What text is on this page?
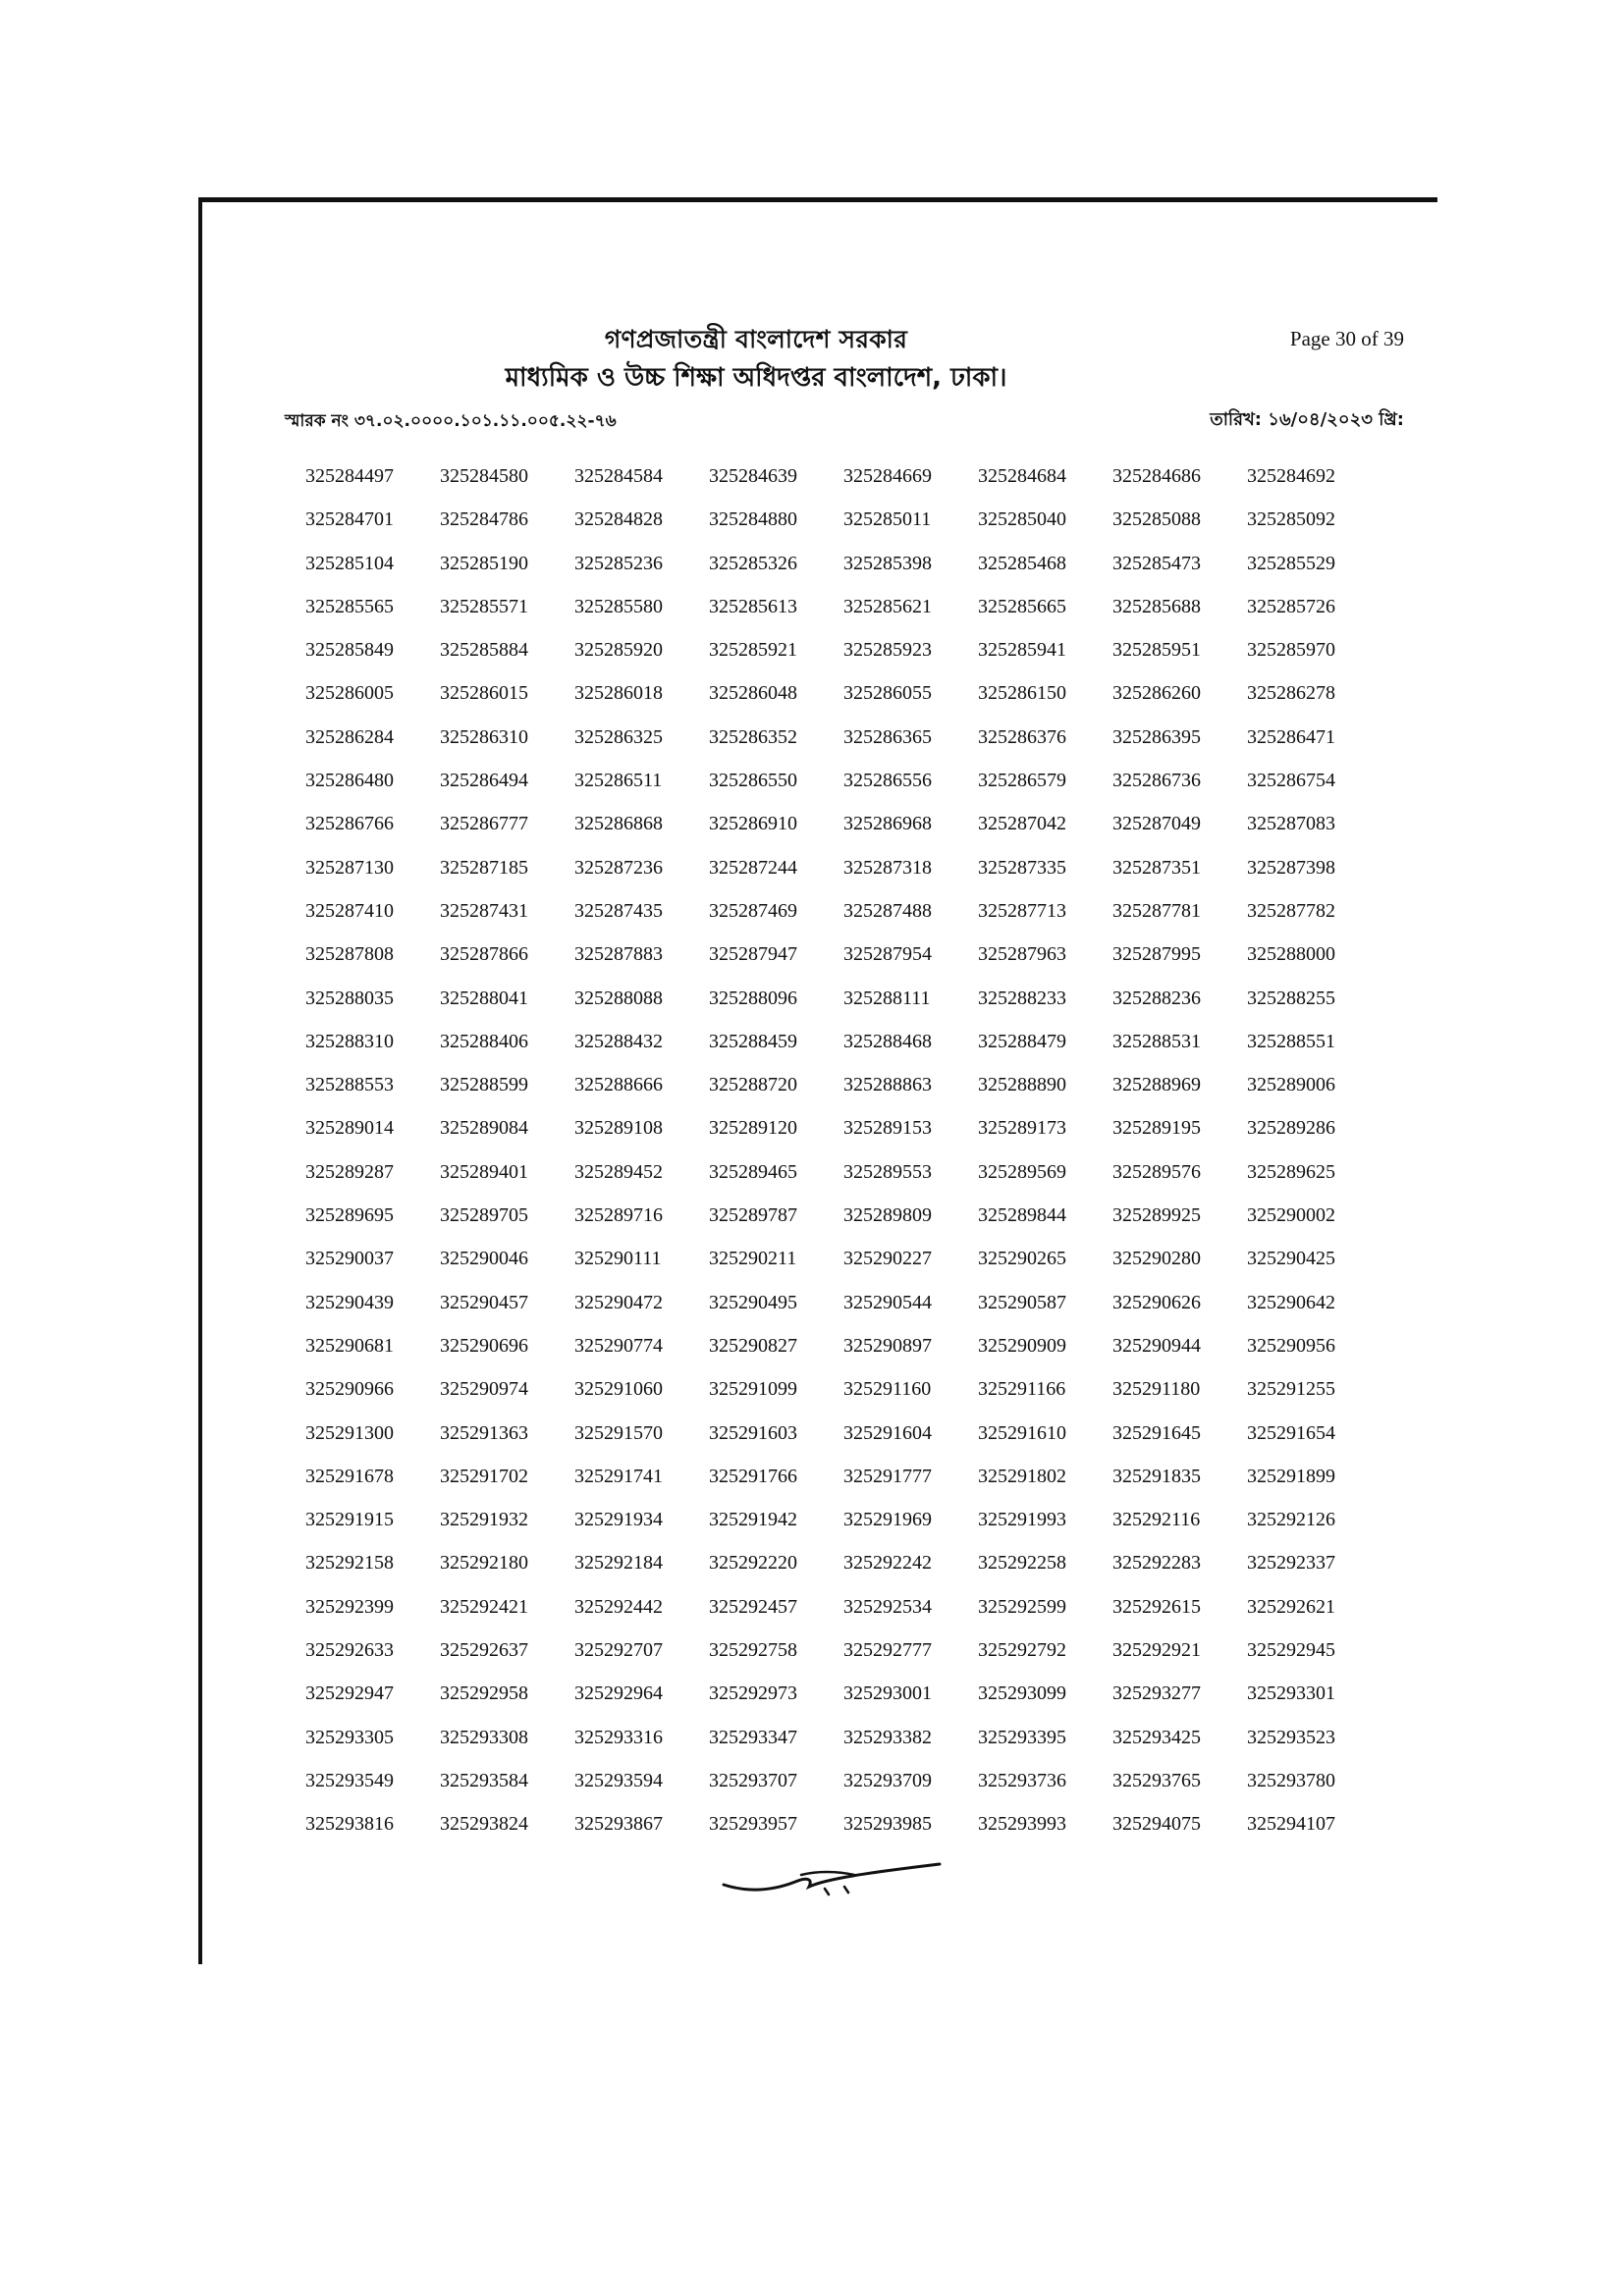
গণপ্রজাতন্ত্রী বাংলাদেশ সরকার
মাধ্যমিক ও উচ্চ শিক্ষা অধিদপ্তর বাংলাদেশ, ঢাকা।
Page 30 of 39
স্মারক নং ৩৭.০২.০০০০.১০১.১১.০০৫.২২-৭৬	তারিখ: ১৬/০৪/২০২৩ খ্রি:
325284497	325284580	325284584	325284639	325284669	325284684	325284686	325284692
325284701	325284786	325284828	325284880	325285011	325285040	325285088	325285092
325285104	325285190	325285236	325285326	325285398	325285468	325285473	325285529
325285565	325285571	325285580	325285613	325285621	325285665	325285688	325285726
325285849	325285884	325285920	325285921	325285923	325285941	325285951	325285970
325286005	325286015	325286018	325286048	325286055	325286150	325286260	325286278
325286284	325286310	325286325	325286352	325286365	325286376	325286395	325286471
325286480	325286494	325286511	325286550	325286556	325286579	325286736	325286754
325286766	325286777	325286868	325286910	325286968	325287042	325287049	325287083
325287130	325287185	325287236	325287244	325287318	325287335	325287351	325287398
325287410	325287431	325287435	325287469	325287488	325287713	325287781	325287782
325287808	325287866	325287883	325287947	325287954	325287963	325287995	325288000
325288035	325288041	325288088	325288096	325288111	325288233	325288236	325288255
325288310	325288406	325288432	325288459	325288468	325288479	325288531	325288551
325288553	325288599	325288666	325288720	325288863	325288890	325288969	325289006
325289014	325289084	325289108	325289120	325289153	325289173	325289195	325289286
325289287	325289401	325289452	325289465	325289553	325289569	325289576	325289625
325289695	325289705	325289716	325289787	325289809	325289844	325289925	325290002
325290037	325290046	325290111	325290211	325290227	325290265	325290280	325290425
325290439	325290457	325290472	325290495	325290544	325290587	325290626	325290642
325290681	325290696	325290774	325290827	325290897	325290909	325290944	325290956
325290966	325290974	325291060	325291099	325291160	325291166	325291180	325291255
325291300	325291363	325291570	325291603	325291604	325291610	325291645	325291654
325291678	325291702	325291741	325291766	325291777	325291802	325291835	325291899
325291915	325291932	325291934	325291942	325291969	325291993	325292116	325292126
325292158	325292180	325292184	325292220	325292242	325292258	325292283	325292337
325292399	325292421	325292442	325292457	325292534	325292599	325292615	325292621
325292633	325292637	325292707	325292758	325292777	325292792	325292921	325292945
325292947	325292958	325292964	325292973	325293001	325293099	325293277	325293301
325293305	325293308	325293316	325293347	325293382	325293395	325293425	325293523
325293549	325293584	325293594	325293707	325293709	325293736	325293765	325293780
325293816	325293824	325293867	325293957	325293985	325293993	325294075	325294107
